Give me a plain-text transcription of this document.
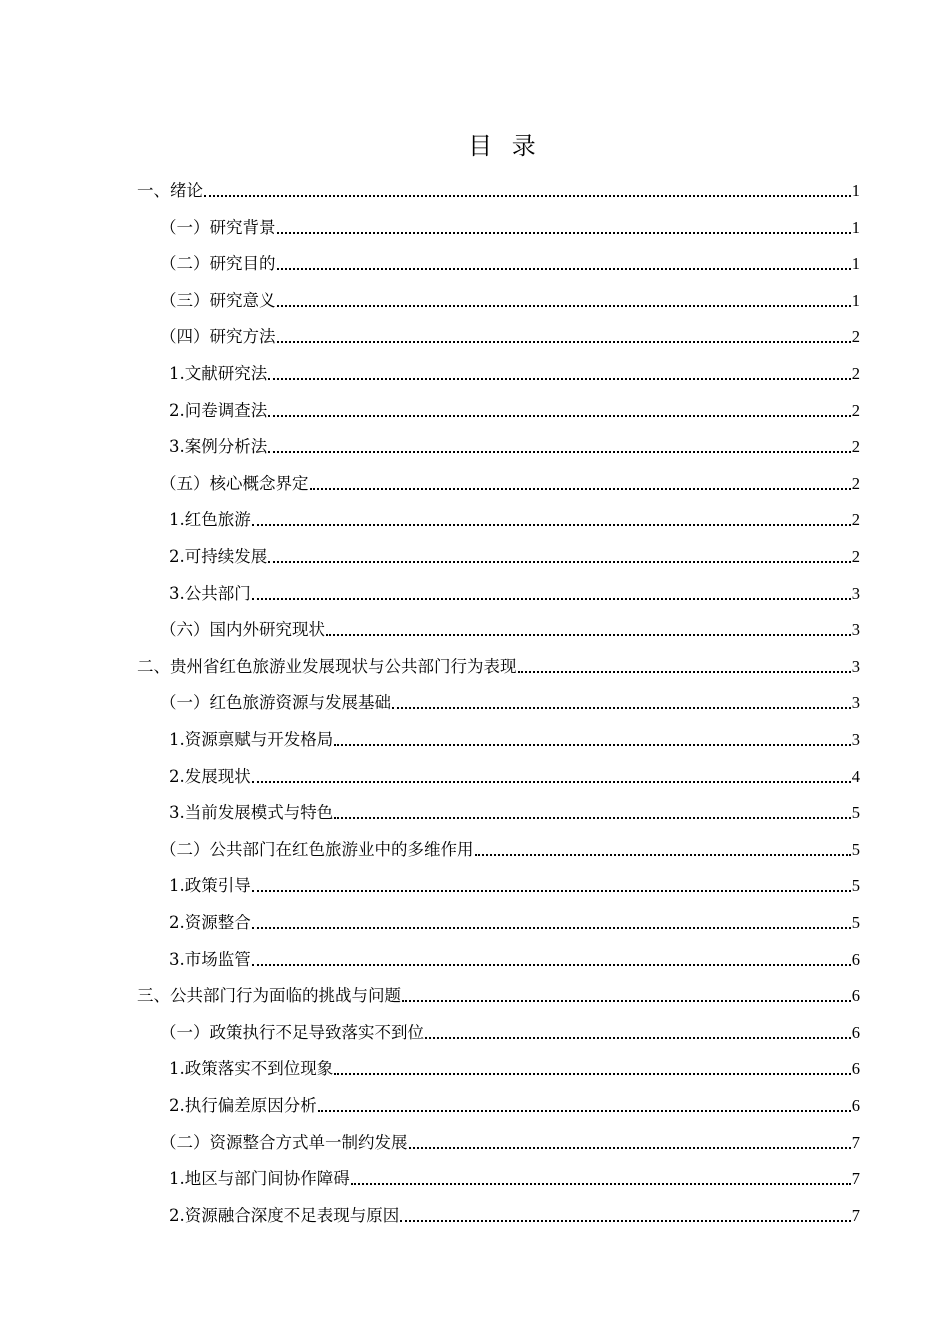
目 录
一、绪论	1
（一）研究背景	1
（二）研究目的	1
（三）研究意义	1
（四）研究方法	2
1.文献研究法	2
2.问卷调查法	2
3.案例分析法	2
（五）核心概念界定	2
1.红色旅游	2
2.可持续发展	2
3.公共部门	3
（六）国内外研究现状	3
二、贵州省红色旅游业发展现状与公共部门行为表现	3
（一）红色旅游资源与发展基础	3
1.资源禀赋与开发格局	3
2.发展现状	4
3.当前发展模式与特色	5
（二）公共部门在红色旅游业中的多维作用	5
1.政策引导	5
2.资源整合	5
3.市场监管	6
三、公共部门行为面临的挑战与问题	6
（一）政策执行不足导致落实不到位	6
1.政策落实不到位现象	6
2.执行偏差原因分析	6
（二）资源整合方式单一制约发展	7
1.地区与部门间协作障碍	7
2.资源融合深度不足表现与原因	7
